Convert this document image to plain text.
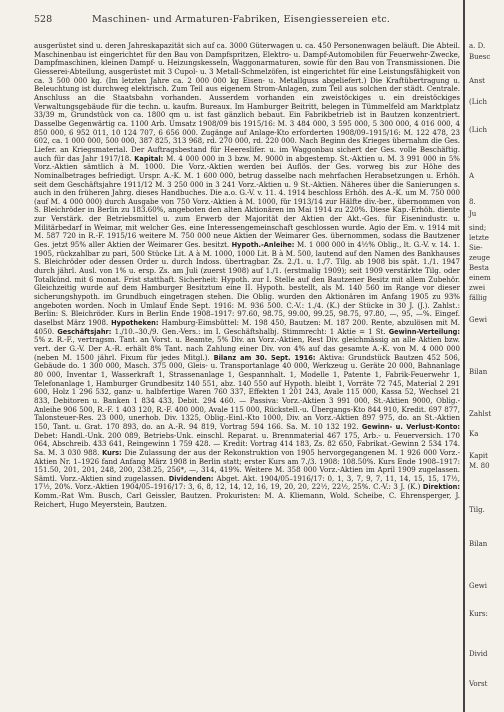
528	Maschinen- und Armaturen-Fabriken, Eisengiessereien etc.
ausgerüstet sind u. deren Jahreskapazität sich auf ca. 3000 Güterwagen u. ca. 450 Personenwagen beläuft. Die Abteil. Maschinenbau ist eingerichtet für den Bau von Dampfspritzen, Elektro- u. Dampf-Automobilen für Feuerwehr-Zwecke, Dampfmaschinen, kleinen Dampf- u. Heizungskesseln, Waggonarmaturen, sowie für den Bau von Transmissionen. Die Giesserei-Abteilung, ausgerüstet mit 3 Cupol- u. 3 Metall-Schmelzöfen, ist eingerichtet für eine Leistungsfähigkeit von ca. 3 500 000 kg. (Im letzten Jahre ca. 2 000 000 kg Eisen- u. Metallguss abgeliefert.) Die Kraftübertragung u. Beleuchtung ist durchweg elektrisch. Zum Teil aus eigenem Strom-Anlagen, zum Teil aus solchen der städt. Centrale. Anschluss an die Staatsbahn vorhanden. Ausserdem vorhanden ein zweistöckiges u. ein dreistöckiges Verwaltungsgebäude für die techn. u. kaufm. Bureaux. Im Hamburger Beitritt, belegen in Tümmelfeld am Marktplatz 33/39 m, Grundstück von ca. 1800 qm u. ist fast gänzlich bebaut. Ein Fabrikbetrieb ist in Bautzen konzentriert. Dasselbe Gegenwärtig ca. 1100 Arb. Umsatz 1908/09 bis 1915/16: M. 3 484 000, 3 595 000, 5 300 000, 4 016 000, 4 850 000, 6 952 011, 10 124 707, 6 656 000. Zugänge auf Anlage-Kto erforderten 1908/09–1915/16: M. 122 478, 23 602, ca. 1 000 000, 500 000, 387 825, 313 968, rd. 270 000, rd. 220 000. Nach Beginn des Krieges übernahm die Ges. Liefer. an Kriegsmaterial. Der Auftragsbestand für Heereslifer. u. im Waggonbau sichert der Ges. volle Beschäftig. auch für das Jahr 1917/18. Kapital: M. 4 000 000 in 3 bzw. M. 9000 in abgestemp. St.-Aktien u. M. 3 991 000 in 5% Vorz.-Aktien sämtlich à M. 1000. Die Vorz.-Aktien werden bei Auflös. der Ges. vorweg bis zur Höhe des Nominalbetrages befriedigt. Urspr. A.-K. M. 1 600 000, betrug dasselbe nach mehrfachen Herabsetzungen u. Erhöh. seit dem Geschäftsjahre 1911/12 M. 3 250 000 in 3 241 Vorz.-Aktien u. 9 St.-Aktien. Näheres über die Sanierungen s. auch in den früheren Jahrg. dieses Handbuches. Die a.o. G.-V. v. 11. 4. 1914 beschloss Erhöh. des A.-K. um M. 750 000 (auf M. 4 000 000) durch Ausgabe von 750 Vorz.-Aktien à M. 1000, für 1913/14 zur Hälfte div.-ber., übernommen von S. Bleichröder in Berlin zu 183.60%, angeboten den alten Aktionären im Mai 1914 zu 220%. Diese Kap.-Erhöh. diente zur Verstärk. der Betriebsmittel u. zum Erwerb der Majorität der Aktien der Akt.-Ges. für Eisenindustr. u. Militärbedarf in Weimar, mit welcher Ges. eine Interessengemeinschaft geschlossen wurde. Agio der Em. v. 1914 mit M. 587 720 in R.-F. 1915/16 weitere M. 750 000 neue Aktien der Weimarer Ges. übernommen, sodass die Bautzener Ges. jetzt 95% aller Aktien der Weimarer Ges. besitzt. Hypoth.-Anleihe: M. 1 000 000 in 4½% Oblig., lt. G.-V. v. 14. 1. 1905, rückzahlbar zu pari, 500 Stücke Lit. A à M. 1000, 1000 Lit. B à M. 500, lautend auf den Namen des Bankhauses S. Bleichröder oder dessen Order u. durch Indoss. übertragbar. Zs. 2./1. u. 1./7. Tilg. ab 1908 bis spät. 1./1. 1947 durch jährl. Ausl. von 1% u. ersp. Zs. am Juli (zuerst 1908) auf 1./1. (erstmalig 1909); seit 1909 verstärkte Tilg. oder Totalkünd. mit 6 monat. Frist statthaft. Sicherheit: Hypoth. zur I. Stelle auf den Bautzener Besitz mit allem Zubehör. Gleichzeitig wurde auf dem Hamburger Besitztum eine II. Hypoth. bestellt, als M. 140 560 im Range vor dieser sicherungshypoth. im Grundbuch eingetragen stehen. Die Oblig. wurden den Aktionären im Anfang 1905 zu 93% angeboten worden. Noch in Umlauf Ende Sept. 1916: M. 936 500. C.-V.: 1./4. (K.) der Stücke in 30 J. (J.). Zahlst.: Berlin: S. Bleichröder. Kurs in Berlin Ende 1908–1917: 97.60, 98.75, 99.00, 99.25, 98.75, 97.80, —, 95, —%. Eingef. daselbst März 1908. Hypotheken: Hamburg-Eimsbüttel: M. 198 450, Bautzen: M. 187 200. Rente, abzulösen mit M. 4050. Geschäftsjahr: 1./10.–30./9. Gen.-Vers.: im I. Geschäftshalbj. Stimmrecht: 1 Aktie = 1 St. Gewinn-Verteilung: 5% z. R.-F., vertragsm. Tant. an Vorst. u. Beamte, 5% Div. an Vorz.-Aktien, Rest Div. gleichmässig an alle Aktien bzw. vert. der G.-V. Der A.-R. erhält 8% Tant. nach Zahlung einer Div. von 4% auf das gesamte A.-K. von M. 4 000 000 (neben M. 1500 jährl. Fixum für jedes Mitgl.). Bilanz am 30. Sept. 1916: Aktiva: Grundstück Bautzen 452 506, Gebäude do. 1 300 000, Masch. 375 000, Gleis- u. Transportanlage 40 000, Werkzeug u. Geräte 20 000, Bahnanlage 80 000, Inventar 1, Wasserkraft 1, Strassenanlage 1, Gespannhalt. 1, Modelle 1, Patente 1, Fabrik-Feuerwehr 1, Telefonanlage 1, Hamburger Grundbesitz 140 551, abz. 140 550 auf Hypoth. bleibt 1, Vorräte 72 745, Material 2 291 600, Holz 1 296 532, ganz- u. halbfertige Waren 760 337, Effekten 1 201 243, Avale 115 000, Kassa 52, Wechsel 21 833, Debitoren u. Banken 1 834 433, Debit. 294 460. — Passiva: Vorz.-Aktien 3 991 000, St.-Aktien 9000, Oblig.-Anleihe 906 500, R.-F. 1 403 120, R.-F. 400 000, Avale 115 000, Rückstell.-u. Übergangs-Kto 844 910, Kredit. 697 877, Talonsteuer-Res. 23 000, unerhob. Div. 1325, Oblig.-Einl.-Kto 1000, Div. an Vorz.-Aktien 897 975, do. an St.-Aktien 150, Tant. u. Grat. 170 893, do. an A.-R. 94 819, Vortrag 594 166. Sa. M. 10 132 192. Gewinn- u. Verlust-Konto: Debet: Handl.-Unk. 200 089, Betriebs-Unk. einschl. Reparat. u. Brennmaterial 467 175, Arb.- u. Feuerversich. 170 064, Abschreib. 433 641, Reingewinn 1 759 428. — Kredit: Vortrag 414 183, Zs. 82 650, Fabrikat.-Gewinn 2 534 174. Sa. M. 3 030 988. Kurs: Die Zulassung der aus der Rekonstruktion von 1905 hervorgegangenen M. 1 926 000 Vorz.-Aktien Nr. 1–1926 fand Anfang März 1908 in Berlin statt; erster Kurs am 7./3. 1908: 108.50%. Kurs Ende 1908–1917: 151.50, 201, 201, 248, 200, 238.25, 256*, —, 314, 419%. Weitere M. 358 000 Vorz.-Aktien im April 1909 zugelassen. Sämtl. Vorz.-Aktien sind zugelassen. Dividenden: Abget. Akt. 1904/05–1916/17: 0, 1, 3, 7, 9, 7, 11, 14, 15, 15, 17½, 17½, 20%. Vorz.-Aktien 1904/05–1916/17: 3, 6, 8, 12, 14, 12, 16, 19, 20, 20, 22½, 22½, 25%. C.-V.: 3 J. (K.) Direktion: Komm.-Rat Wm. Busch, Carl Geissler, Bautzen. Prokuristen: M. A. Kliemann, Wold. Scheibe, C. Ehrensperger, J. Reichert, Hugo Meyerstein, Bautzen.
a. D.
Buesc
Anst
(Lich
(Lich
A
8.
Ju
sind;
letzte
Sie-
zeuge
Besta
einem
zwei
fällig
Gewi
Bilan
Zahlst
Ka
Kapit
M. 80
Tilg.
Bilan
Gewi
Kurs:
Divid
Vorst
